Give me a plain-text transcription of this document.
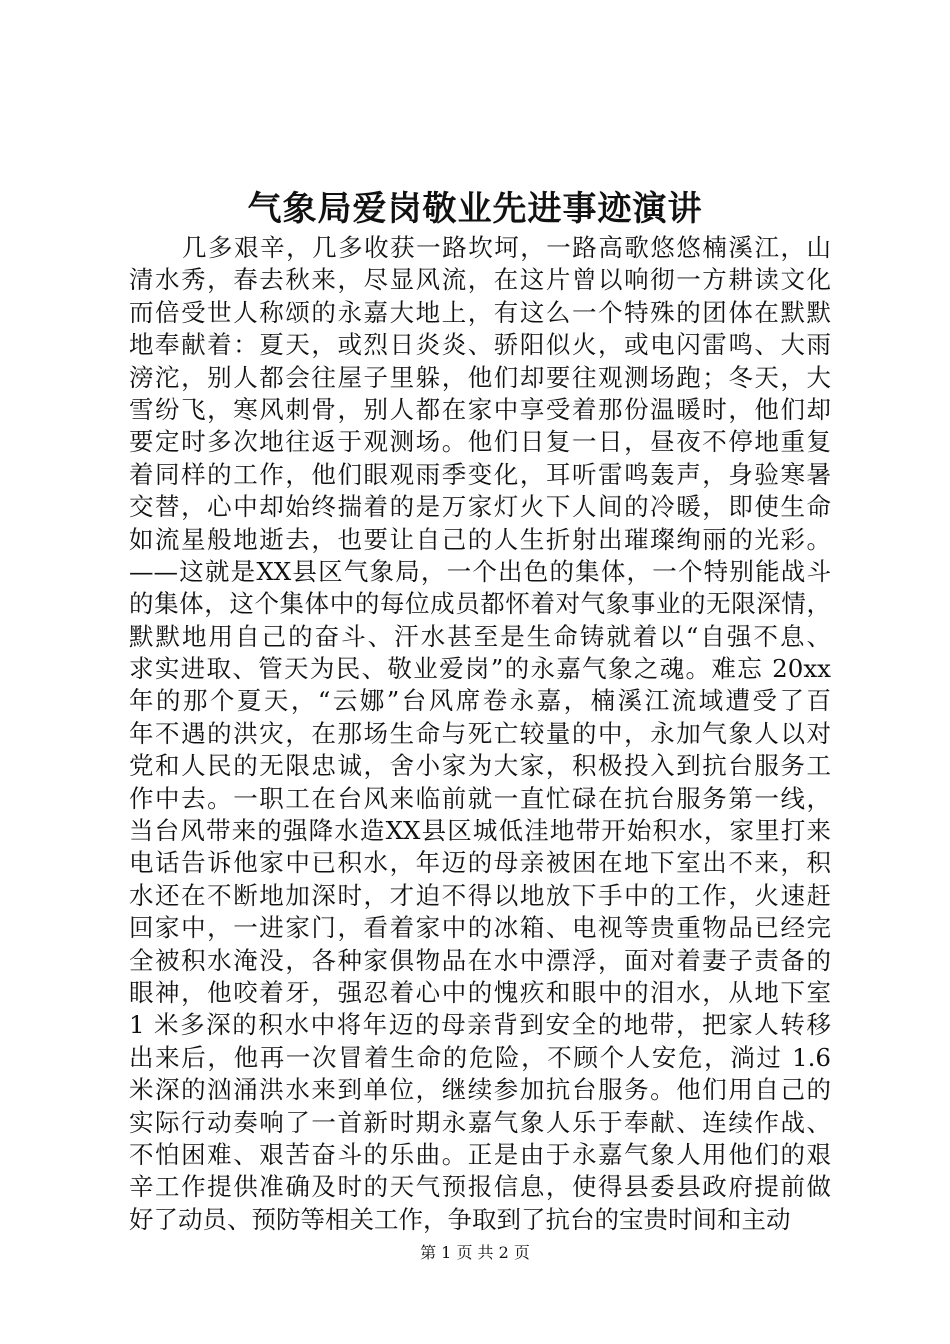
气象局爱岗敬业先进事迹演讲
几多艰辛，几多收获一路坎坷，一路高歌悠悠楠溪江，山
清水秀，春去秋来，尽显风流，在这片曾以响彻一方耕读文化
而倍受世人称颂的永嘉大地上，有这么一个特殊的团体在默默
地奉献着：夏天，或烈日炎炎、骄阳似火，或电闪雷鸣、大雨
滂沱，别人都会往屋子里躲，他们却要往观测场跑；冬天，大
雪纷飞，寒风刺骨，别人都在家中享受着那份温暖时，他们却
要定时多次地往返于观测场。他们日复一日，昼夜不停地重复
着同样的工作，他们眼观雨季变化，耳听雷鸣轰声，身验寒暑
交替，心中却始终揣着的是万家灯火下人间的冷暖，即使生命
如流星般地逝去，也要让自己的人生折射出璀璨绚丽的光彩。
——这就是XX县区气象局，一个出色的集体，一个特别能战斗
的集体，这个集体中的每位成员都怀着对气象事业的无限深情，
默默地用自己的奋斗、汗水甚至是生命铸就着以“自强不息、
求实进取、管天为民、敬业爱岗”的永嘉气象之魂。难忘 20xx
年的那个夏天，“云娜”台风席卷永嘉，楠溪江流域遭受了百
年不遇的洪灾，在那场生命与死亡较量的中，永加气象人以对
党和人民的无限忠诚，舍小家为大家，积极投入到抗台服务工
作中去。一职工在台风来临前就一直忙碌在抗台服务第一线，
当台风带来的强降水造XX县区城低洼地带开始积水，家里打来
电话告诉他家中已积水，年迈的母亲被困在地下室出不来，积
水还在不断地加深时，才迫不得以地放下手中的工作，火速赶
回家中，一进家门，看着家中的冰箱、电视等贵重物品已经完
全被积水淹没，各种家俱物品在水中漂浮，面对着妻子责备的
眼神，他咬着牙，强忍着心中的愧疚和眼中的泪水，从地下室
1 米多深的积水中将年迈的母亲背到安全的地带，把家人转移
出来后，他再一次冒着生命的危险，不顾个人安危，淌过 1.6
米深的汹涌洪水来到单位，继续参加抗台服务。他们用自己的
实际行动奏响了一首新时期永嘉气象人乐于奉献、连续作战、
不怕困难、艰苦奋斗的乐曲。正是由于永嘉气象人用他们的艰
辛工作提供准确及时的天气预报信息，使得县委县政府提前做
好了动员、预防等相关工作，争取到了抗台的宝贵时间和主动
第 1 页 共 2 页
